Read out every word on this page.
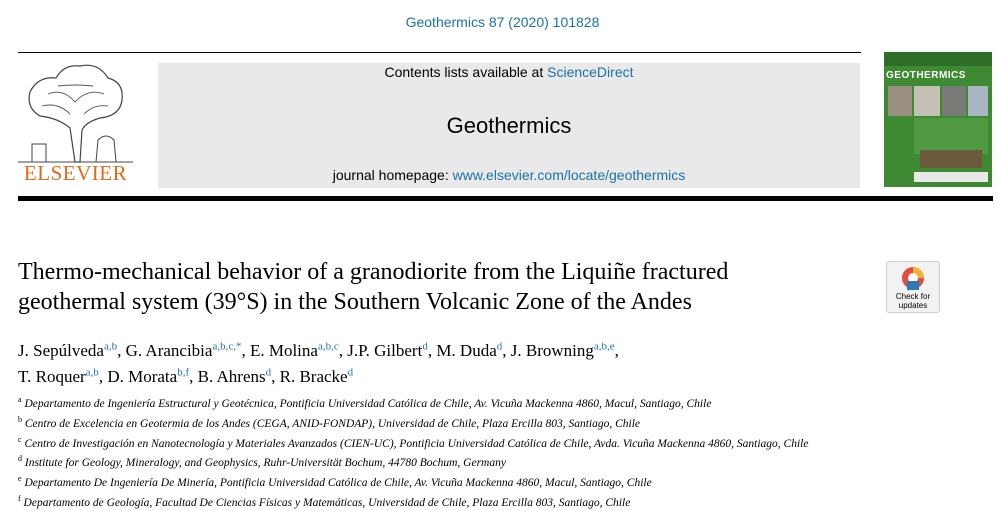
Geothermics 87 (2020) 101828
ELSEVIER
Contents lists available at ScienceDirect
Geothermics
journal homepage: www.elsevier.com/locate/geothermics
GEOTHERMICS
Thermo-mechanical behavior of a granodiorite from the Liquiñe fractured
geothermal system (39°S) in the Southern Volcanic Zone of the Andes	Check for
updates
J. Sepúlveda$^{a,b}$, G. Arancibia$^{a,b,c,*}$, E. Molina$^{a,b,c}$, J.P. Gilbert$^d$, M. Duda$^d$, J. Browning$^{a,b,e}$,
T. Roquer$^{a,b}$, D. Morata$^{b,f}$, B. Ahrens$^d$, R. Bracke$^d$
$^a$ Departamento de Ingeniería Estructural y Geotécnica, Pontificia Universidad Católica de Chile, Av. Vicuña Mackenna 4860, Macul, Santiago, Chile
$^b$ Centro de Excelencia en Geotermia de los Andes (CEGA, ANID-FONDAP), Universidad de Chile, Plaza Ercilla 803, Santiago, Chile
$^c$ Centro de Investigación en Nanotecnología y Materiales Avanzados (CIEN-UC), Pontificia Universidad Católica de Chile, Avda. Vicuña Mackenna 4860, Santiago, Chile
$^d$ Institute for Geology, Mineralogy, and Geophysics, Ruhr-Universität Bochum, 44780 Bochum, Germany
$^e$ Departamento De Ingeniería De Minería, Pontificia Universidad Católica de Chile, Av. Vicuña Mackenna 4860, Macul, Santiago, Chile
$^f$ Departamento de Geología, Facultad De Ciencias Físicas y Matemáticas, Universidad de Chile, Plaza Ercilla 803, Santiago, Chile
